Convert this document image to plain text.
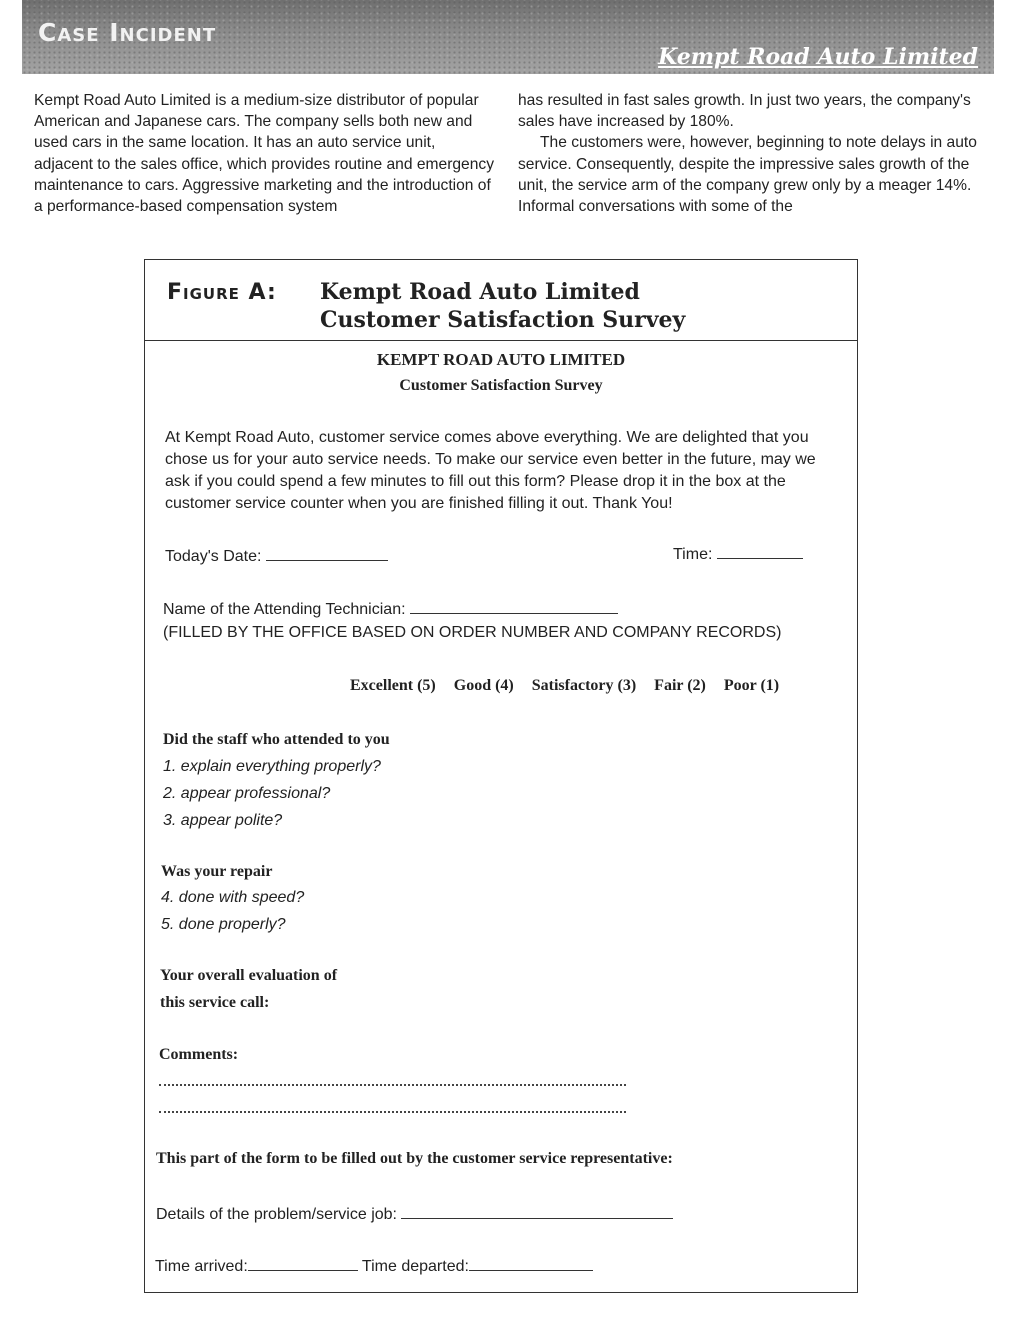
Case Incident
Kempt Road Auto Limited

Kempt Road Auto Limited is a medium-size distributor of popular American and Japanese cars. The company sells both new and used cars in the same location. It has an auto service unit, adjacent to the sales office, which provides routine and emergency maintenance to cars. Aggressive marketing and the introduction of a performance-based compensation system

has resulted in fast sales growth. In just two years, the company's sales have increased by 180%.

The customers were, however, beginning to note delays in auto service. Consequently, despite the impressive sales growth of the unit, the service arm of the company grew only by a meager 14%. Informal conversations with some of the

Figure A: Kempt Road Auto Limited
Customer Satisfaction Survey
KEMPT ROAD AUTO LIMITED
Customer Satisfaction Survey

At Kempt Road Auto, customer service comes above everything. We are delighted that you chose us for your auto service needs. To make our service even better in the future, may we ask if you could spend a few minutes to fill out this form? Please drop it in the box at the customer service counter when you are finished filling it out. Thank You!

Today's Date:	Time:
Name of the Attending Technician:
(FILLED BY THE OFFICE BASED ON ORDER NUMBER AND COMPANY RECORDS)
Excellent (5) Good (4) Satisfactory (3) Fair (2) Poor (1)
Did the staff who attended to you
1. explain everything properly?
2. appear professional?
3. appear polite?
Was your repair
4. done with speed?
5. done properly?
Your overall evaluation of
this service call:
Comments:
This part of the form to be filled out by the customer service representative:
Details of the problem/service job:
Time arrived:	Time departed:
